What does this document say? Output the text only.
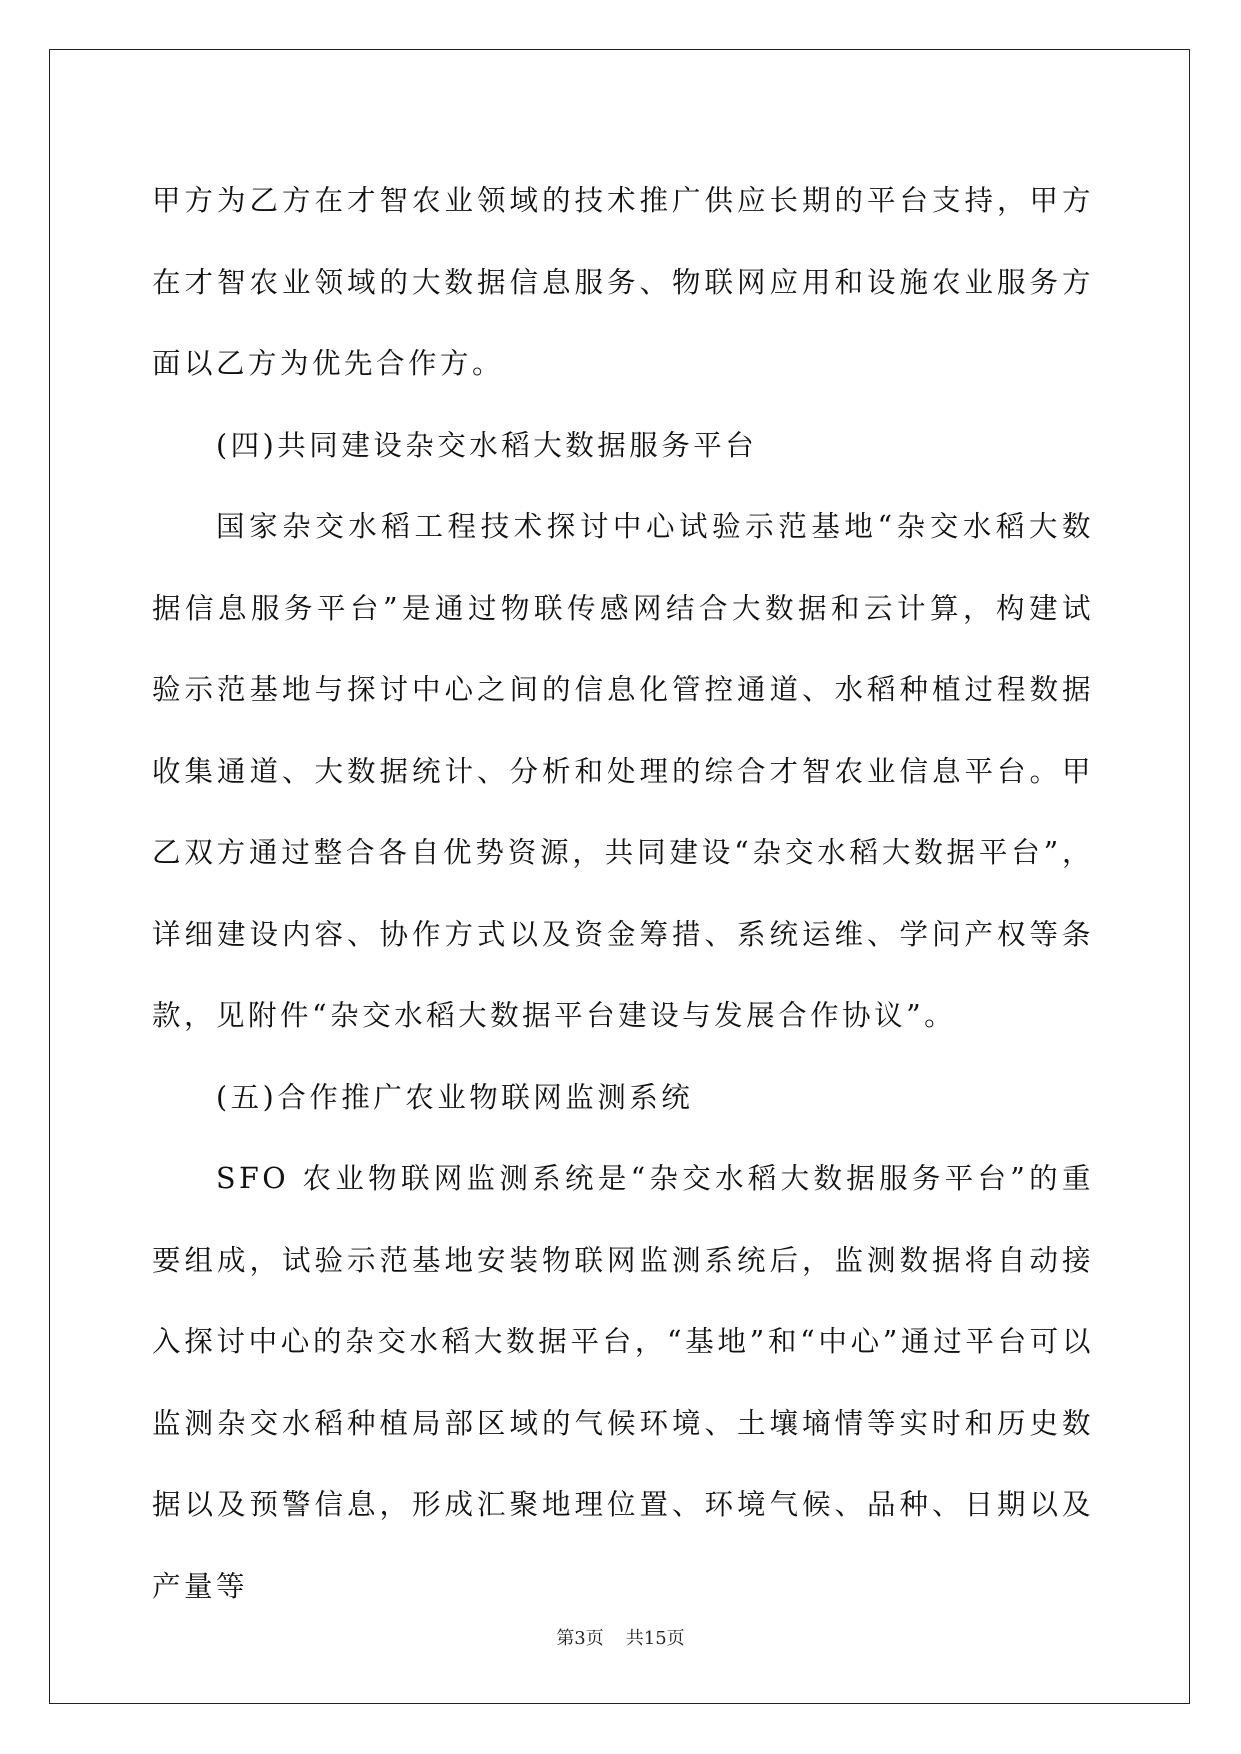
甲方为乙方在才智农业领域的技术推广供应长期的平台支持，甲方在才智农业领域的大数据信息服务、物联网应用和设施农业服务方面以乙方为优先合作方。

(四)共同建设杂交水稻大数据服务平台

国家杂交水稻工程技术探讨中心试验示范基地“杂交水稻大数据信息服务平台”是通过物联传感网结合大数据和云计算，构建试验示范基地与探讨中心之间的信息化管控通道、水稻种植过程数据收集通道、大数据统计、分析和处理的综合才智农业信息平台。甲乙双方通过整合各自优势资源，共同建设“杂交水稻大数据平台”，详细建设内容、协作方式以及资金筹措、系统运维、学问产权等条款，见附件“杂交水稻大数据平台建设与发展合作协议”。

(五)合作推广农业物联网监测系统

SFO 农业物联网监测系统是“杂交水稻大数据服务平台”的重要组成，试验示范基地安装物联网监测系统后，监测数据将自动接入探讨中心的杂交水稻大数据平台，“基地”和“中心”通过平台可以监测杂交水稻种植局部区域的气候环境、土壤墒情等实时和历史数据以及预警信息，形成汇聚地理位置、环境气候、品种、日期以及产量等

第3页 共15页
